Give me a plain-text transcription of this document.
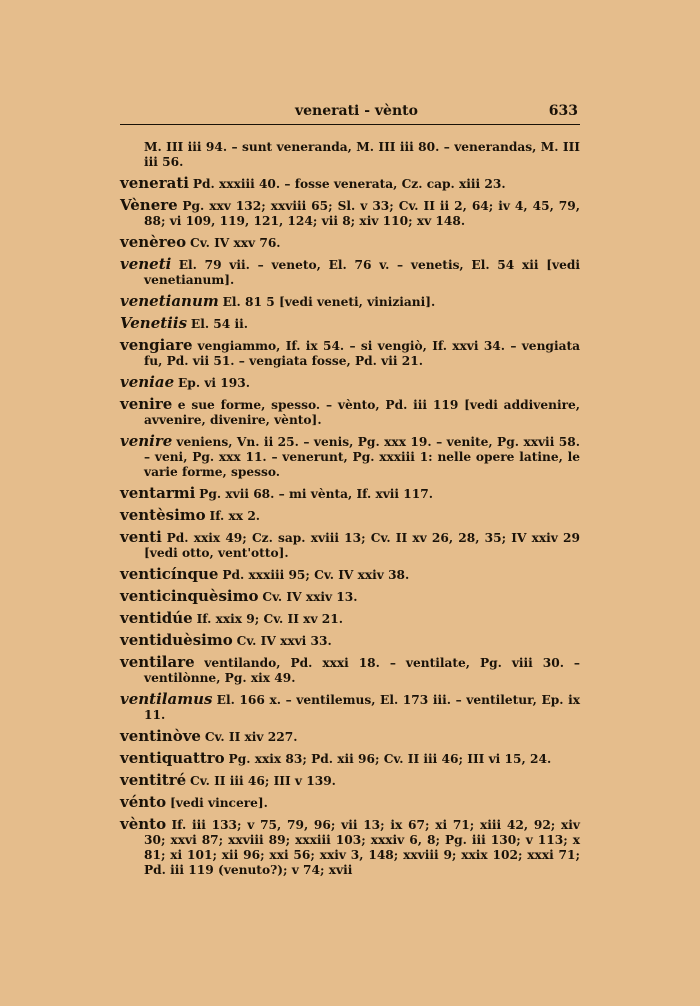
venerati - vènto	633
M. III iii 94. – sunt veneranda, M. III iii 80. – venerandas, M. III iii 56.
venerati Pd. xxxiii 40. – fosse venerata, Cz. cap. xiii 23.
Vènere Pg. xxv 132; xxviii 65; Sl. v 33; Cv. II ii 2, 64; iv 4, 45, 79, 88; vi 109, 119, 121, 124; vii 8; xiv 110; xv 148.
venèreo Cv. IV xxv 76.
veneti El. 79 vii. – veneto, El. 76 v. – venetis, El. 54 xii [vedi venetianum].
venetianum El. 81 5 [vedi veneti, viniziani].
Venetiis El. 54 ii.
vengiare vengiammo, If. ix 54. – si vengiò, If. xxvi 34. – vengiata fu, Pd. vii 51. – vengiata fosse, Pd. vii 21.
veniae Ep. vi 193.
venire e sue forme, spesso. – vènto, Pd. iii 119 [vedi addivenire, avvenire, divenire, vènto].
venire veniens, Vn. ii 25. – venis, Pg. xxx 19. – venite, Pg. xxvii 58. – veni, Pg. xxx 11. – venerunt, Pg. xxxiii 1: nelle opere latine, le varie forme, spesso.
ventarmi Pg. xvii 68. – mi vènta, If. xvii 117.
ventèsimo If. xx 2.
venti Pd. xxix 49; Cz. sap. xviii 13; Cv. II xv 26, 28, 35; IV xxiv 29 [vedi otto, vent'otto].
venticínque Pd. xxxiii 95; Cv. IV xxiv 38.
venticinquèsimo Cv. IV xxiv 13.
ventidúe If. xxix 9; Cv. II xv 21.
ventiduèsimo Cv. IV xxvi 33.
ventilare ventilando, Pd. xxxi 18. – ventilate, Pg. viii 30. – ventilònne, Pg. xix 49.
ventilamus El. 166 x. – ventilemus, El. 173 iii. – ventiletur, Ep. ix 11.
ventinòve Cv. II xiv 227.
ventiquattro Pg. xxix 83; Pd. xii 96; Cv. II iii 46; III vi 15, 24.
ventitré Cv. II iii 46; III v 139.
vénto [vedi vincere].
vènto If. iii 133; v 75, 79, 96; vii 13; ix 67; xi 71; xiii 42, 92; xiv 30; xxvi 87; xxviii 89; xxxiii 103; xxxiv 6, 8; Pg. iii 130; v 113; x 81; xi 101; xii 96; xxi 56; xxiv 3, 148; xxviii 9; xxix 102; xxxi 71; Pd. iii 119 (venuto?); v 74; xvii
